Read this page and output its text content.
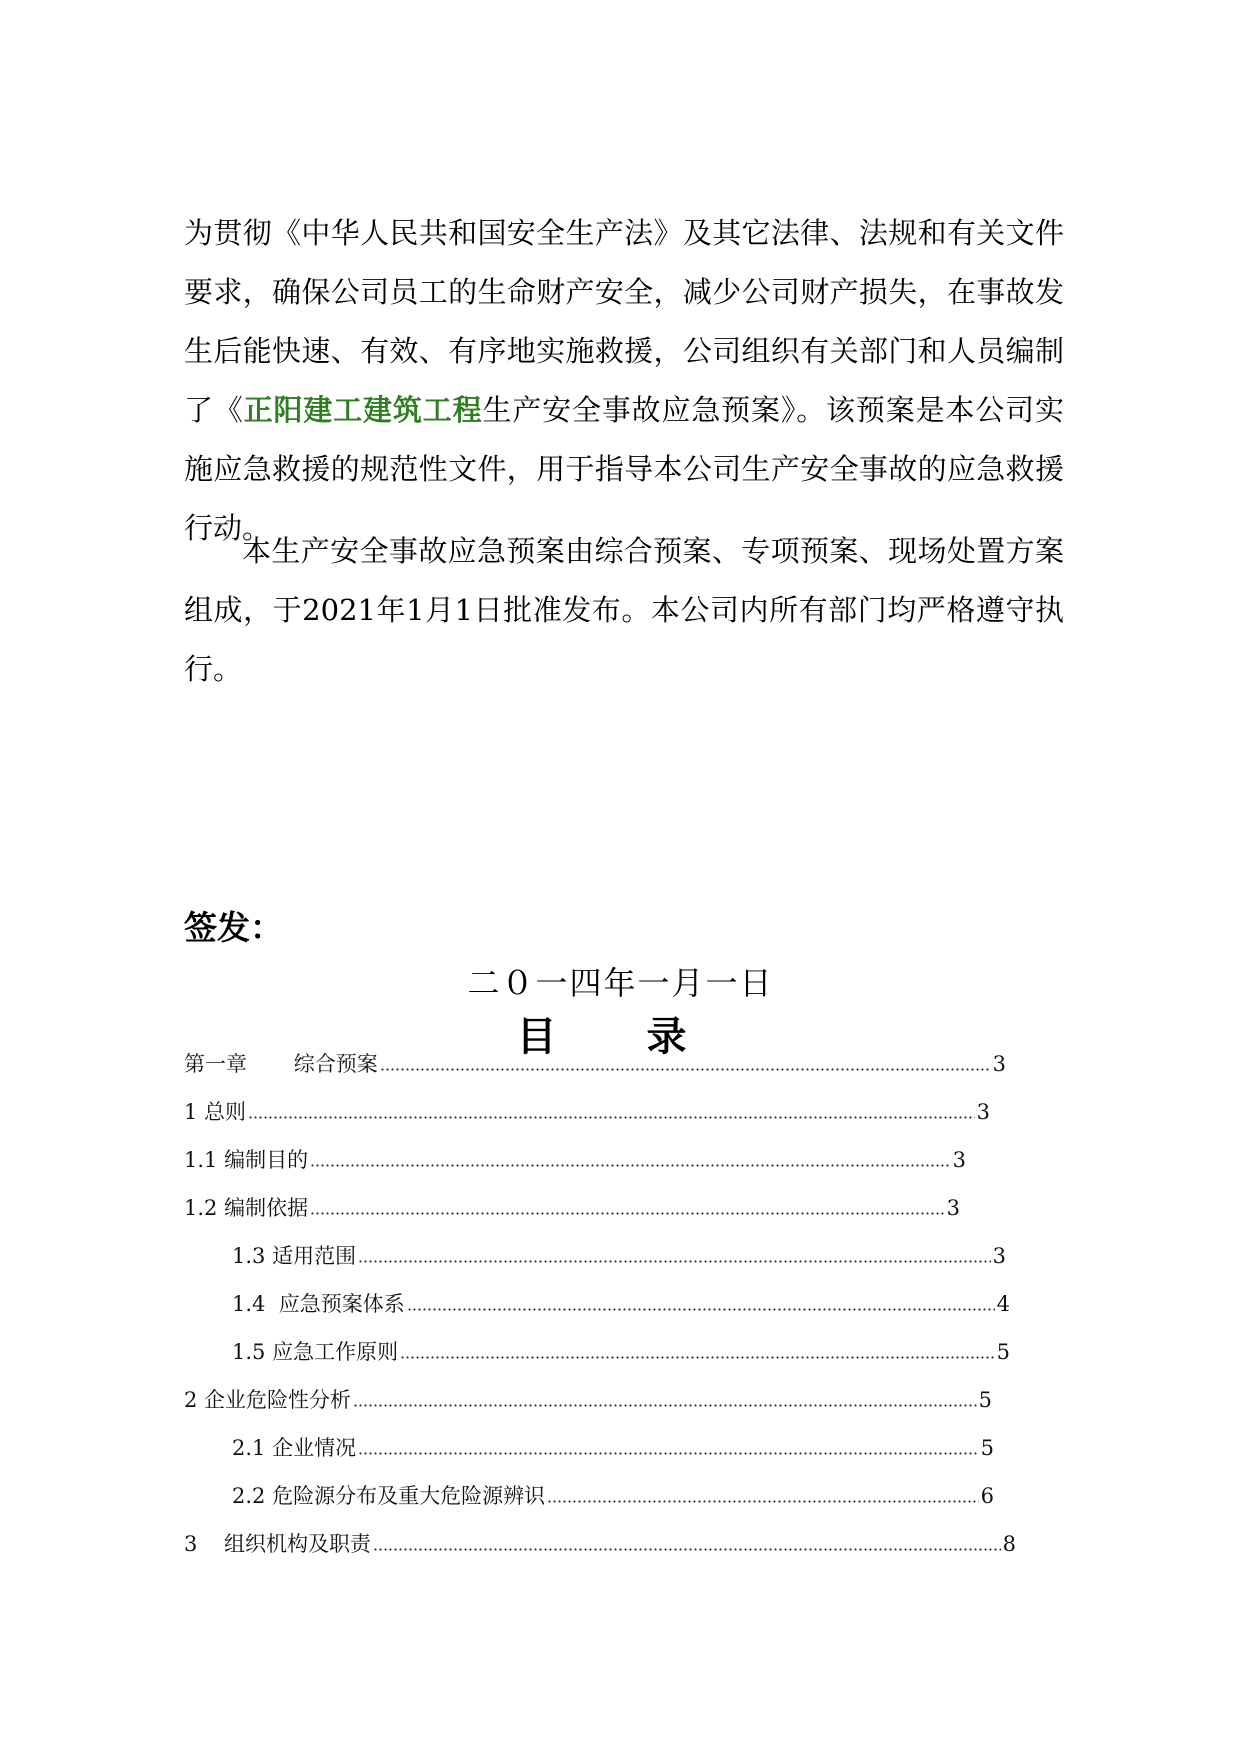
为贯彻《中华人民共和国安全生产法》及其它法律、法规和有关文件要求，确保公司员工的生命财产安全，减少公司财产损失，在事故发生后能快速、有效、有序地实施救援，公司组织有关部门和人员编制了《正阳建工建筑工程生产安全事故应急预案》。该预案是本公司实施应急救援的规范性文件，用于指导本公司生产安全事故的应急救援行动。
本生产安全事故应急预案由综合预案、专项预案、现场处置方案组成，于2021年1月1日批准发布。本公司内所有部门均严格遵守执行。
签发：
二０一四年一月一日
目 录
第一章       综合预案	3
1 总则	3
1.1 编制目的	3
1.2 编制依据	3
1.3 适用范围	3
1.4  应急预案体系	4
1.5 应急工作原则	5
2 企业危险性分析	5
2.1 企业情况	5
2.2 危险源分布及重大危险源辨识	6
3    组织机构及职责	8
